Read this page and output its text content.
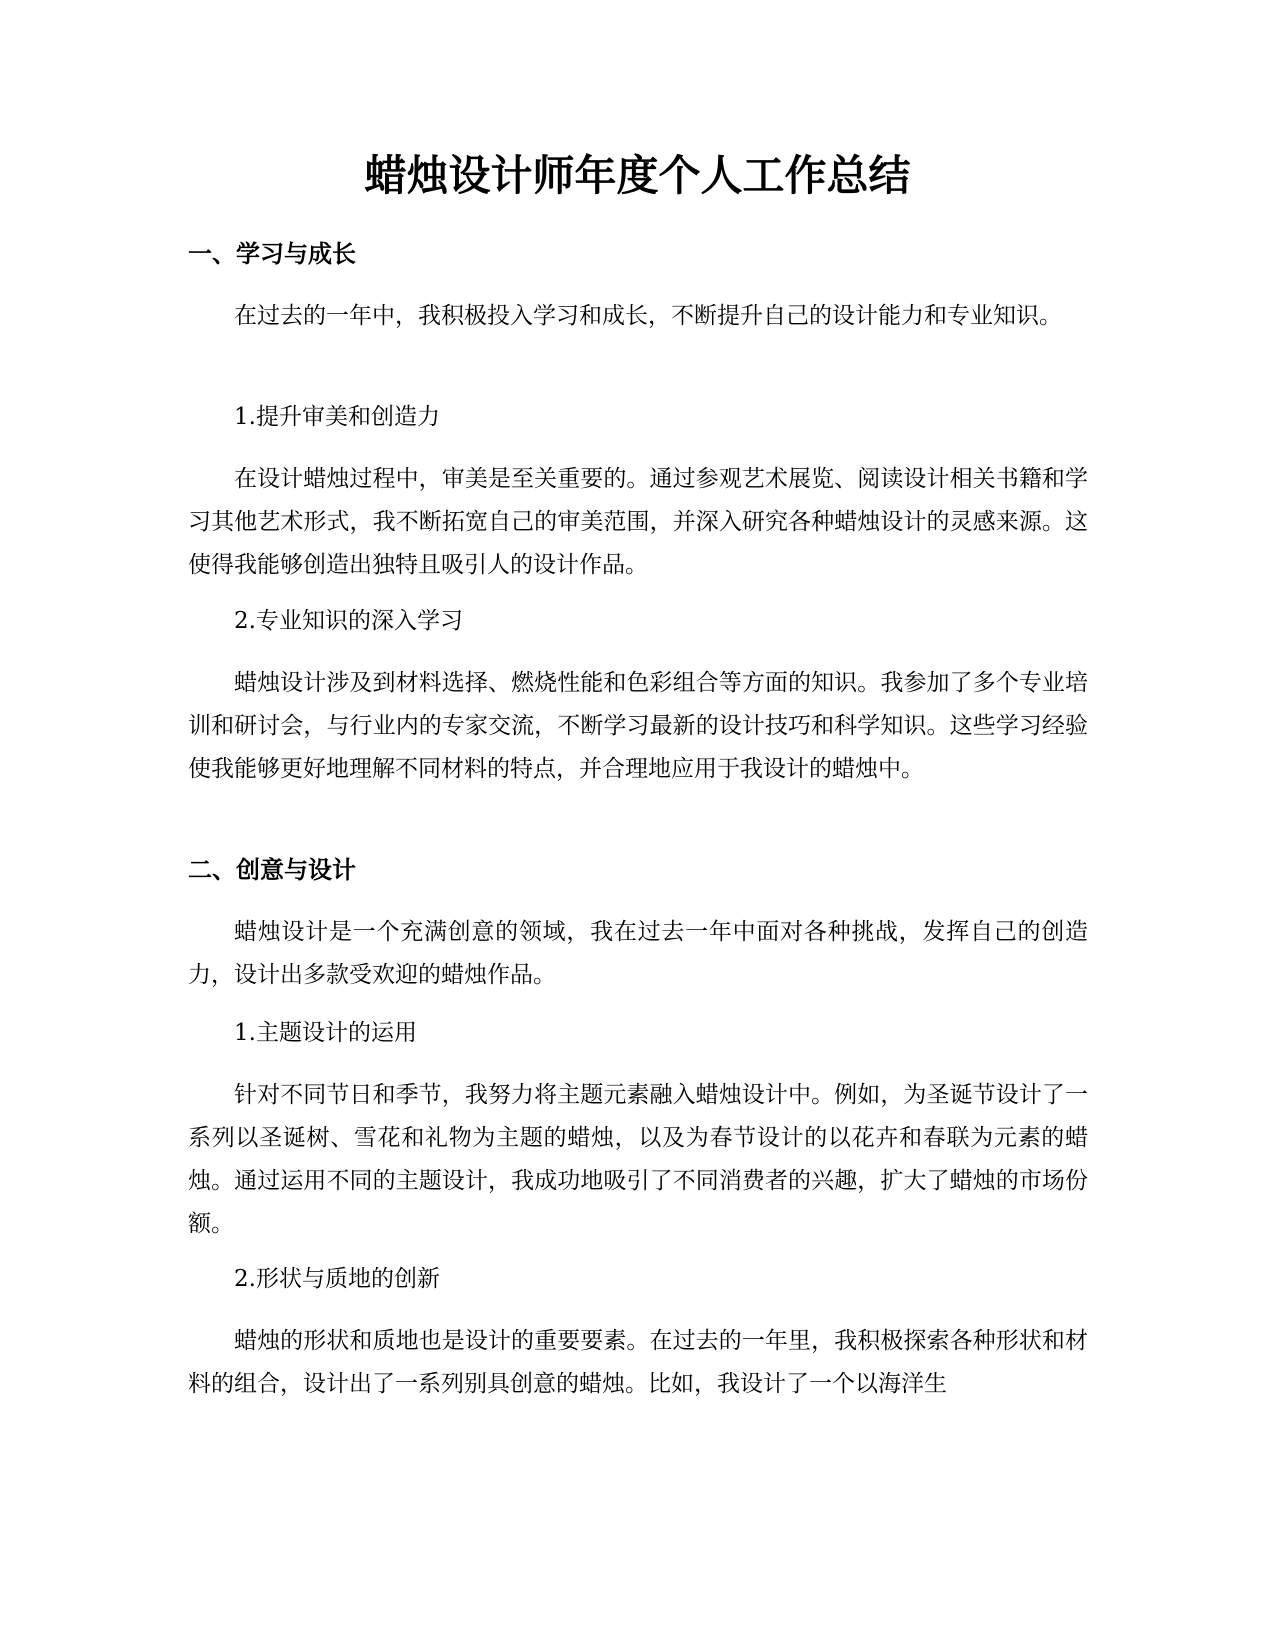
蜡烛设计师年度个人工作总结
一、学习与成长

在过去的一年中，我积极投入学习和成长，不断提升自己的设计能力和专业知识。

1.提升审美和创造力

在设计蜡烛过程中，审美是至关重要的。通过参观艺术展览、阅读设计相关书籍和学习其他艺术形式，我不断拓宽自己的审美范围，并深入研究各种蜡烛设计的灵感来源。这使得我能够创造出独特且吸引人的设计作品。

2.专业知识的深入学习

蜡烛设计涉及到材料选择、燃烧性能和色彩组合等方面的知识。我参加了多个专业培训和研讨会，与行业内的专家交流，不断学习最新的设计技巧和科学知识。这些学习经验使我能够更好地理解不同材料的特点，并合理地应用于我设计的蜡烛中。

二、创意与设计

蜡烛设计是一个充满创意的领域，我在过去一年中面对各种挑战，发挥自己的创造力，设计出多款受欢迎的蜡烛作品。

1.主题设计的运用

针对不同节日和季节，我努力将主题元素融入蜡烛设计中。例如，为圣诞节设计了一系列以圣诞树、雪花和礼物为主题的蜡烛，以及为春节设计的以花卉和春联为元素的蜡烛。通过运用不同的主题设计，我成功地吸引了不同消费者的兴趣，扩大了蜡烛的市场份额。

2.形状与质地的创新

蜡烛的形状和质地也是设计的重要要素。在过去的一年里，我积极探索各种形状和材料的组合，设计出了一系列别具创意的蜡烛。比如，我设计了一个以海洋生
